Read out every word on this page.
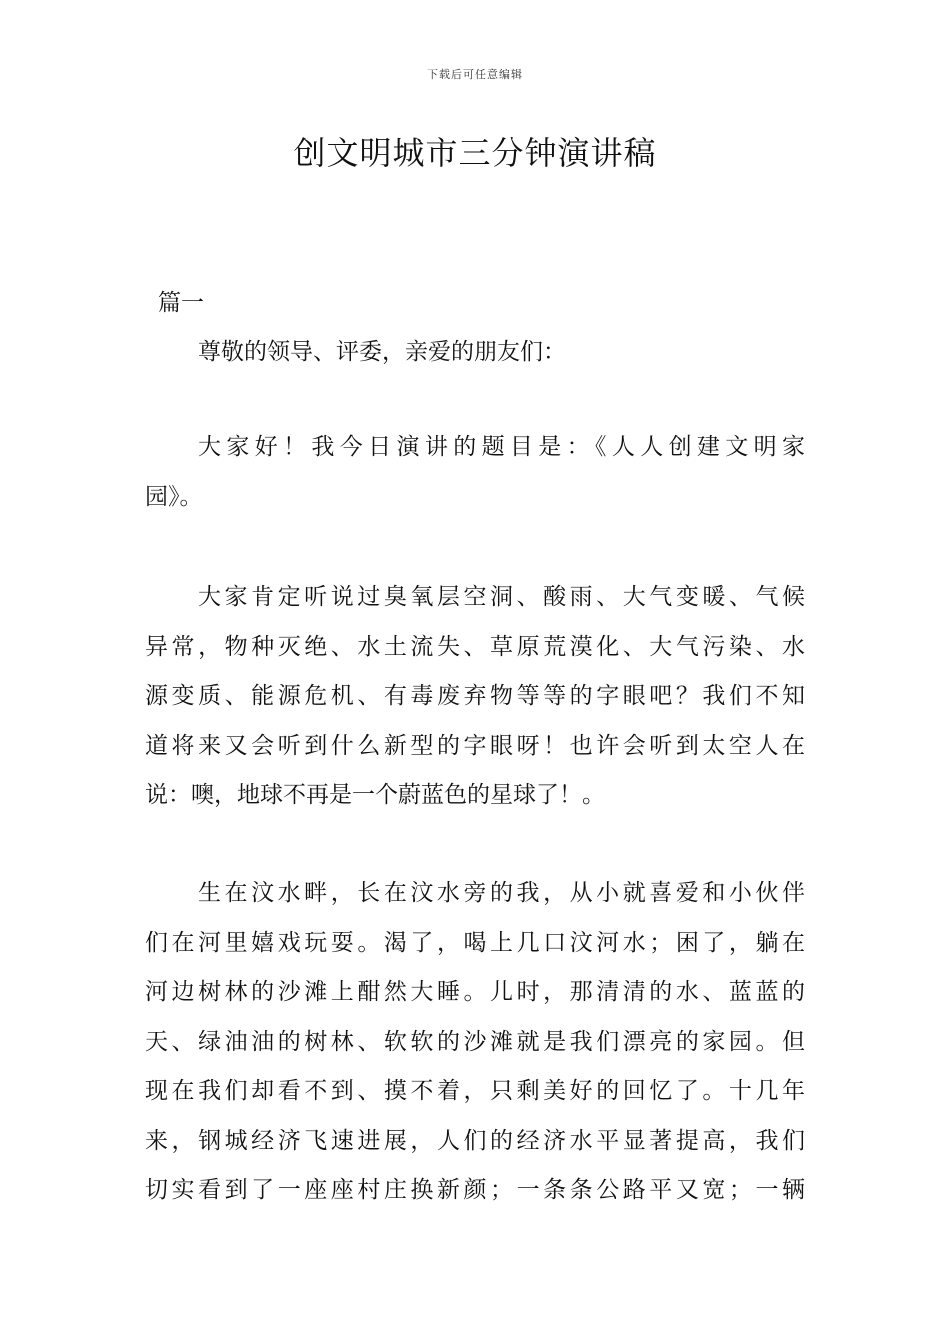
下载后可任意编辑
创文明城市三分钟演讲稿

篇一

尊敬的领导、评委，亲爱的朋友们：

大家好！我今日演讲的题目是：《人人创建文明家
园》。

大家肯定听说过臭氧层空洞、酸雨、大气变暖、气候
异常，物种灭绝、水土流失、草原荒漠化、大气污染、水
源变质、能源危机、有毒废弃物等等的字眼吧？我们不知
道将来又会听到什么新型的字眼呀！也许会听到太空人在
说：噢，地球不再是一个蔚蓝色的星球了！。

生在汶水畔，长在汶水旁的我，从小就喜爱和小伙伴
们在河里嬉戏玩耍。渴了，喝上几口汶河水；困了，躺在
河边树林的沙滩上酣然大睡。儿时，那清清的水、蓝蓝的
天、绿油油的树林、软软的沙滩就是我们漂亮的家园。但
现在我们却看不到、摸不着，只剩美好的回忆了。十几年
来，钢城经济飞速进展，人们的经济水平显著提高，我们
切实看到了一座座村庄换新颜；一条条公路平又宽；一辆
